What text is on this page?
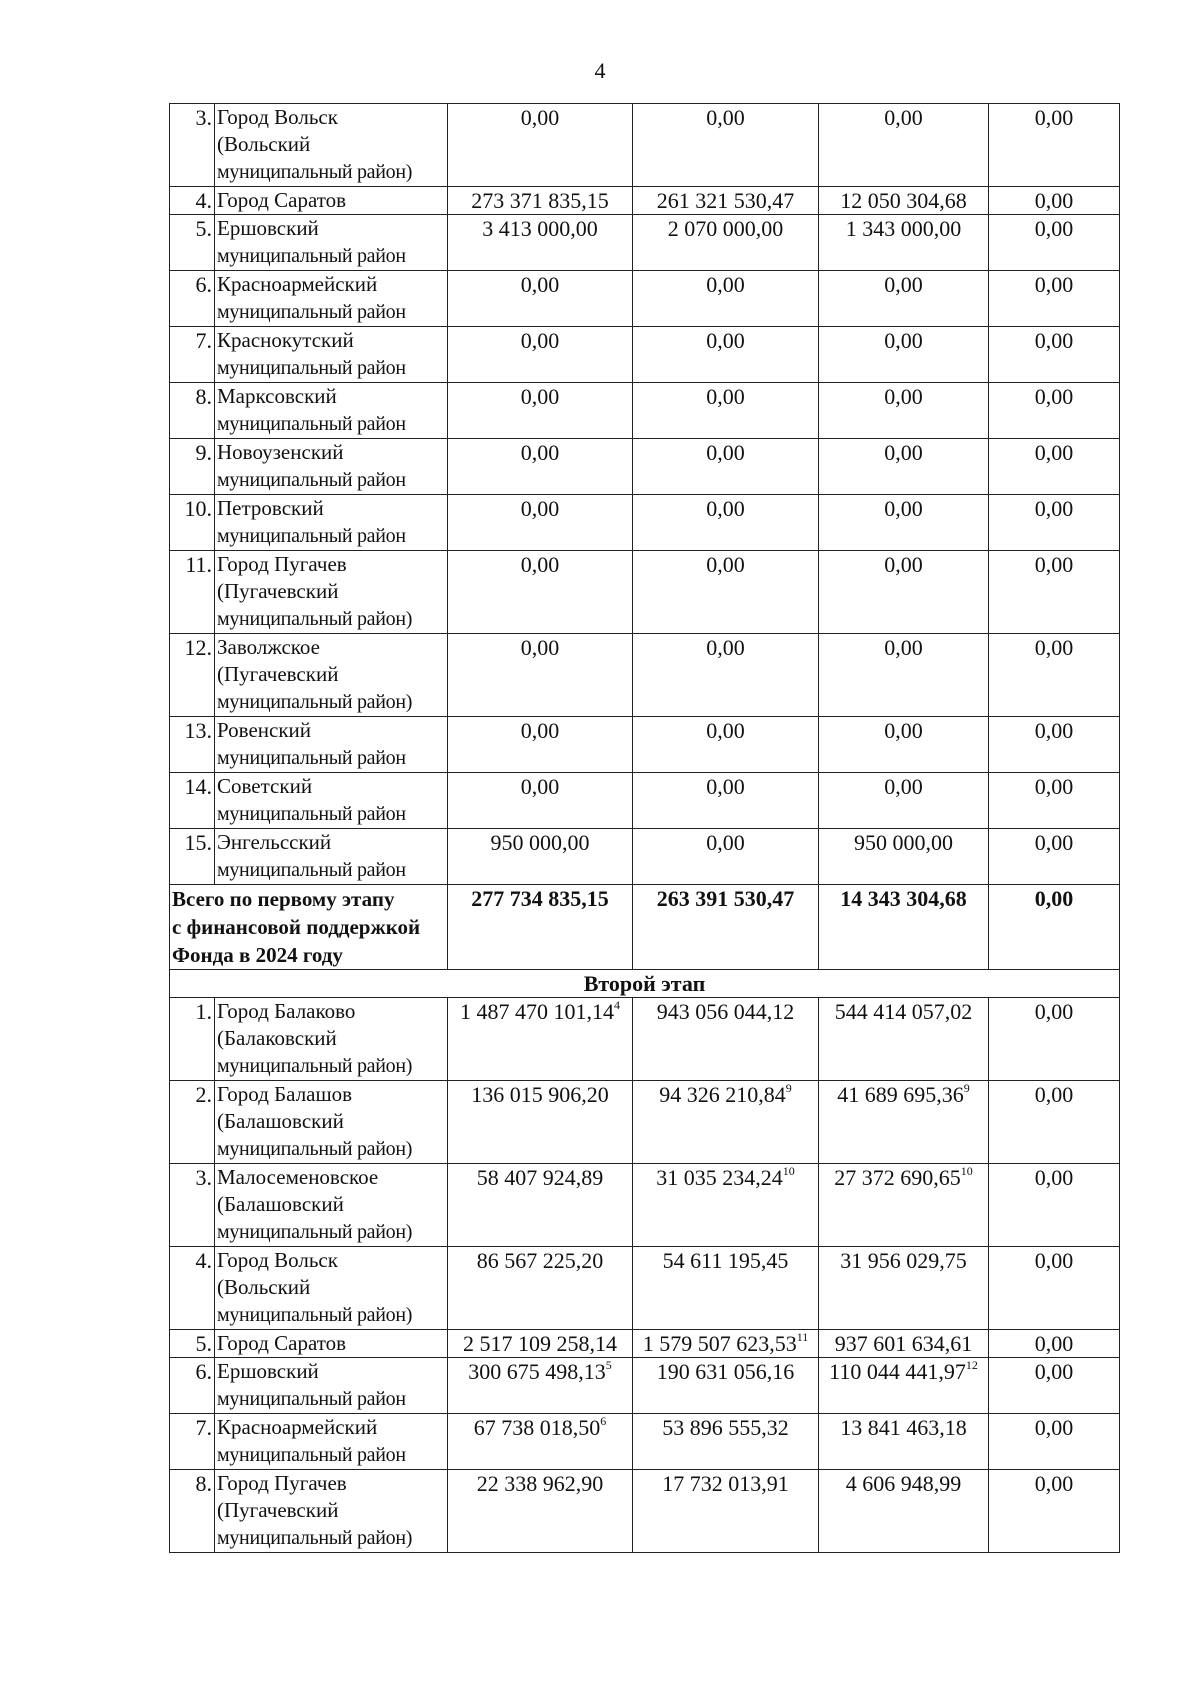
4
3.	Город Вольск
(Вольский
муниципальный район)	0,00	0,00	0,00	0,00
4.	Город Саратов	273 371 835,15	261 321 530,47	12 050 304,68	0,00
5.	Ершовский
муниципальный район	3 413 000,00	2 070 000,00	1 343 000,00	0,00
6.	Красноармейский
муниципальный район	0,00	0,00	0,00	0,00
7.	Краснокутский
муниципальный район	0,00	0,00	0,00	0,00
8.	Марксовский
муниципальный район	0,00	0,00	0,00	0,00
9.	Новоузенский
муниципальный район	0,00	0,00	0,00	0,00
10.	Петровский
муниципальный район	0,00	0,00	0,00	0,00
11.	Город Пугачев
(Пугачевский
муниципальный район)	0,00	0,00	0,00	0,00
12.	Заволжское
(Пугачевский
муниципальный район)	0,00	0,00	0,00	0,00
13.	Ровенский
муниципальный район	0,00	0,00	0,00	0,00
14.	Советский
муниципальный район	0,00	0,00	0,00	0,00
15.	Энгельсский
муниципальный район	950 000,00	0,00	950 000,00	0,00
Всего по первому этапу
с финансовой поддержкой
Фонда в 2024 году		277 734 835,15	263 391 530,47	14 343 304,68	0,00
Второй этап					
1.	Город Балаково
(Балаковский
муниципальный район)	1 487 470 101,14$^4$	943 056 044,12	544 414 057,02	0,00
2.	Город Балашов
(Балашовский
муниципальный район)	136 015 906,20	94 326 210,84$^9$	41 689 695,36$^9$	0,00
3.	Малосеменовское
(Балашовский
муниципальный район)	58 407 924,89	31 035 234,24$^{10}$	27 372 690,65$^{10}$	0,00
4.	Город Вольск
(Вольский
муниципальный район)	86 567 225,20	54 611 195,45	31 956 029,75	0,00
5.	Город Саратов	2 517 109 258,14	1 579 507 623,53$^{11}$	937 601 634,61	0,00
6.	Ершовский
муниципальный район	300 675 498,13$^5$	190 631 056,16	110 044 441,97$^{12}$	0,00
7.	Красноармейский
муниципальный район	67 738 018,50$^6$	53 896 555,32	13 841 463,18	0,00
8.	Город Пугачев
(Пугачевский
муниципальный район)	22 338 962,90	17 732 013,91	4 606 948,99	0,00
